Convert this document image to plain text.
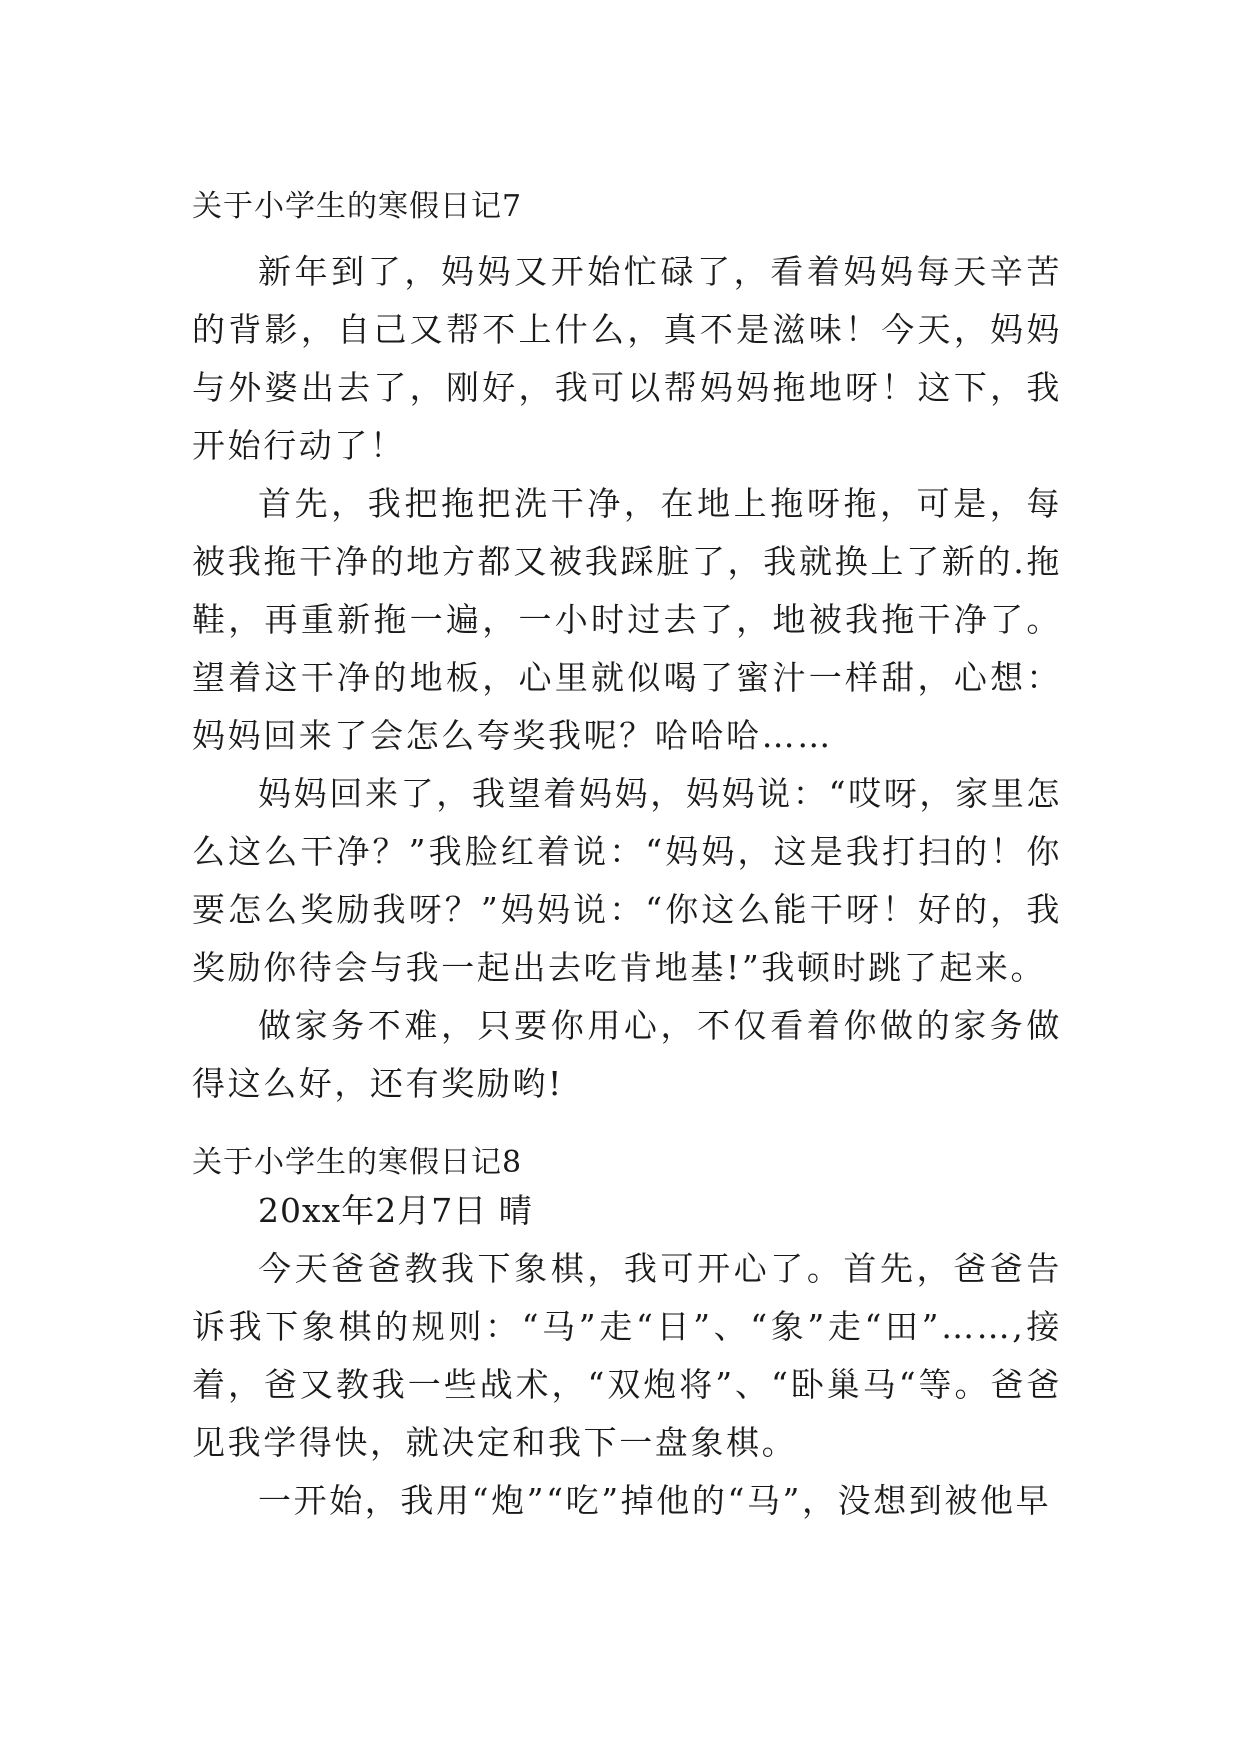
关于小学生的寒假日记7

新年到了，妈妈又开始忙碌了，看着妈妈每天辛苦的背影，自己又帮不上什么，真不是滋味！今天，妈妈与外婆出去了，刚好，我可以帮妈妈拖地呀！这下，我开始行动了！

首先，我把拖把洗干净，在地上拖呀拖，可是，每被我拖干净的地方都又被我踩脏了，我就换上了新的.拖鞋，再重新拖一遍，一小时过去了，地被我拖干净了。望着这干净的地板，心里就似喝了蜜汁一样甜，心想：妈妈回来了会怎么夸奖我呢？哈哈哈……

妈妈回来了，我望着妈妈，妈妈说：“哎呀，家里怎么这么干净？”我脸红着说：“妈妈，这是我打扫的！你要怎么奖励我呀？”妈妈说：“你这么能干呀！好的，我奖励你待会与我一起出去吃肯地基!”我顿时跳了起来。

做家务不难，只要你用心，不仅看着你做的家务做得这么好，还有奖励哟!

关于小学生的寒假日记8

20xx年2月7日 晴

今天爸爸教我下象棋，我可开心了。首先，爸爸告诉我下象棋的规则：“马”走“日”、“象”走“田”……,接着，爸又教我一些战术，“双炮将”、“卧巢马“等。爸爸见我学得快，就决定和我下一盘象棋。

一开始，我用“炮”“吃”掉他的“马”，没想到被他早
